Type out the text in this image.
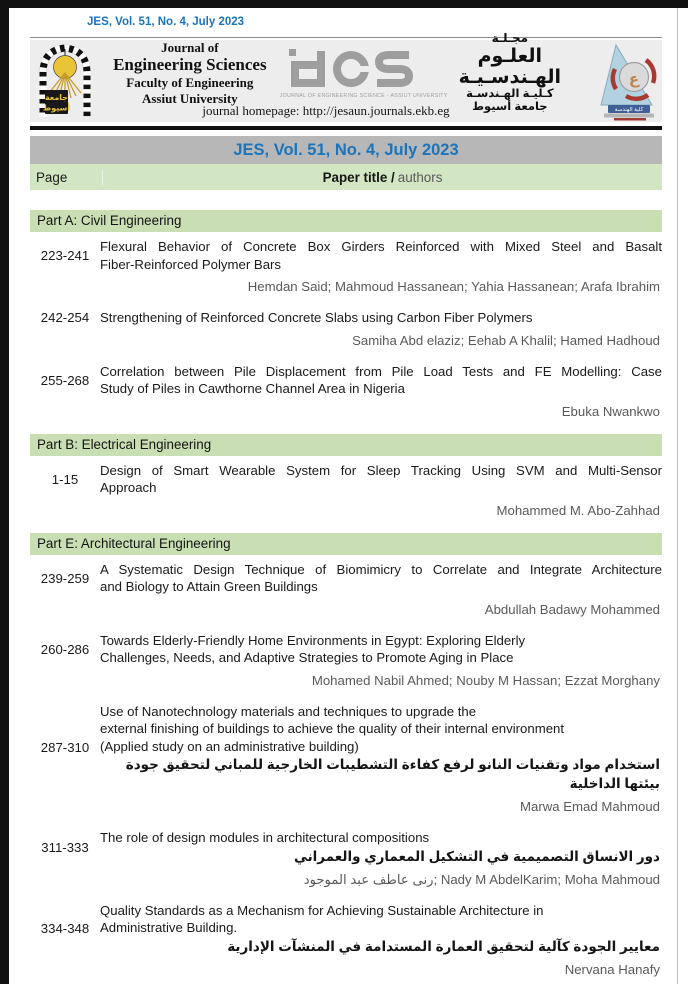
JES, Vol. 51, No. 4, July 2023
جامعة
أسيوط
Journal of
Engineering Sciences
Faculty of Engineering
Assiut University	JOURNAL OF ENGINEERING SCIENCE - ASSIUT UNIVERSITY
مجـلـة
العلـوم الهـندسـيـة
كـليـة الهـندسـة
جامعة أسيوط
ع
كلية الهندسة
journal homepage: http://jesaun.journals.ekb.eg
JES, Vol. 51, No. 4, July 2023
Page	Paper title / authors
Part A: Civil Engineering
223-241
Flexural Behavior of Concrete Box Girders Reinforced with Mixed Steel and Basalt
Fiber-Reinforced Polymer Bars
Hemdan Said; Mahmoud Hassanean; Yahia Hassanean; Arafa Ibrahim
242-254 Strengthening of Reinforced Concrete Slabs using Carbon Fiber Polymers
Samiha Abd elaziz; Eehab A Khalil; Hamed Hadhoud
255-268
Correlation between Pile Displacement from Pile Load Tests and FE Modelling: Case
Study of Piles in Cawthorne Channel Area in Nigeria
Ebuka Nwankwo
Part B: Electrical Engineering
1-15
Design of Smart Wearable System for Sleep Tracking Using SVM and Multi-Sensor
Approach
Mohammed M. Abo-Zahhad
Part E: Architectural Engineering
239-259
A Systematic Design Technique of Biomimicry to Correlate and Integrate Architecture
and Biology to Attain Green Buildings
Abdullah Badawy Mohammed
260-286
Towards Elderly-Friendly Home Environments in Egypt: Exploring Elderly
Challenges, Needs, and Adaptive Strategies to Promote Aging in Place
Mohamed Nabil Ahmed; Nouby M Hassan; Ezzat Morghany
287-310
Use of Nanotechnology materials and techniques to upgrade the
external finishing of buildings to achieve the quality of their internal environment
(Applied study on an administrative building)
استخدام مواد وتقنيات النانو لرفع كفاءة التشطيبات الخارجية للمباني لتحقيق جودة بيئتها الداخلية
Marwa Emad Mahmoud
311-333
The role of design modules in architectural compositions
دور الانساق التصميمية في التشكيل المعماري والعمراني
رنى عاطف عبد الموجود; Nady M AbdelKarim; Moha Mahmoud
334-348
Quality Standards as a Mechanism for Achieving Sustainable Architecture in
Administrative Building.
معايير الجودة كآلية لتحقيق العمارة المستدامة في المنشآت الإدارية
Nervana Hanafy
